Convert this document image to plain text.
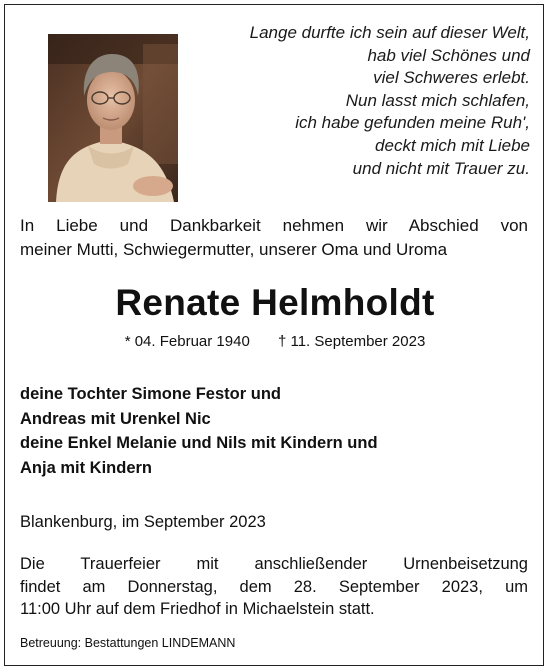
Lange durfte ich sein auf dieser Welt,
hab viel Schönes und
viel Schweres erlebt.
Nun lasst mich schlafen,
ich habe gefunden meine Ruh',
deckt mich mit Liebe
und nicht mit Trauer zu.
In Liebe und Dankbarkeit nehmen wir Abschied von
meiner Mutti, Schwiegermutter, unserer Oma und Uroma
Renate Helmholdt
* 04. Februar 1940 † 11. September 2023
deine Tochter Simone Festor und
Andreas mit Urenkel Nic
deine Enkel Melanie und Nils mit Kindern und
Anja mit Kindern
Blankenburg, im September 2023
Die Trauerfeier mit anschließender Urnenbeisetzung
findet am Donnerstag, dem 28. September 2023, um
11:00 Uhr auf dem Friedhof in Michaelstein statt.
Betreuung: Bestattungen LINDEMANN
